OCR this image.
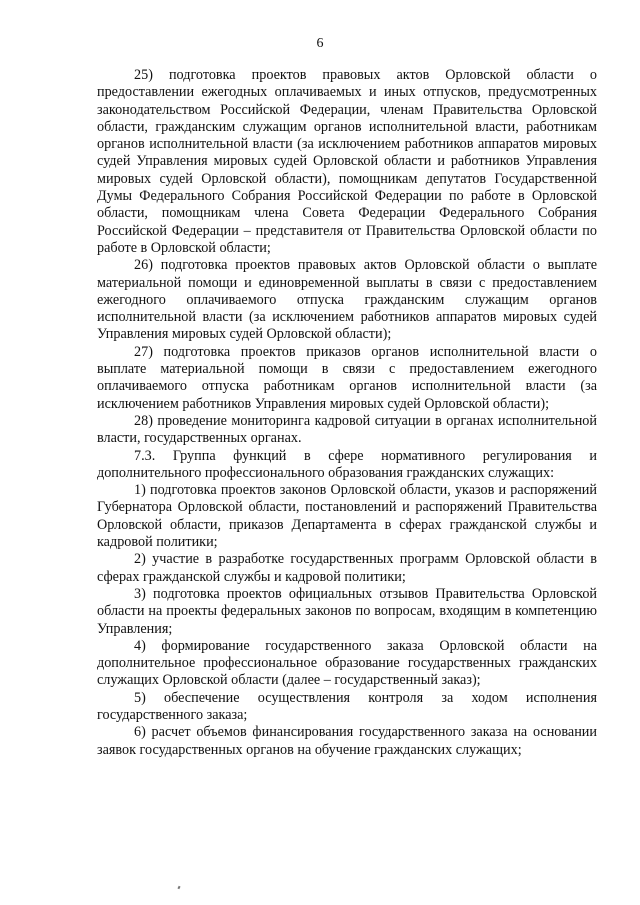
6

25) подготовка проектов правовых актов Орловской области о предоставлении ежегодных оплачиваемых и иных отпусков, предусмотренных законодательством Российской Федерации, членам Правительства Орловской области, гражданским служащим органов исполнительной власти, работникам органов исполнительной власти (за исключением работников аппаратов мировых судей Управления мировых судей Орловской области и работников Управления мировых судей Орловской области), помощникам депутатов Государственной Думы Федерального Собрания Российской Федерации по работе в Орловской области, помощникам члена Совета Федерации Федерального Собрания Российской Федерации – представителя от Правительства Орловской области по работе в Орловской области;

26) подготовка проектов правовых актов Орловской области о выплате материальной помощи и единовременной выплаты в связи с предоставлением ежегодного оплачиваемого отпуска гражданским служащим органов исполнительной власти (за исключением работников аппаратов мировых судей Управления мировых судей Орловской области);

27) подготовка проектов приказов органов исполнительной власти о выплате материальной помощи в связи с предоставлением ежегодного оплачиваемого отпуска работникам органов исполнительной власти (за исключением работников Управления мировых судей Орловской области);

28) проведение мониторинга кадровой ситуации в органах исполнительной власти, государственных органах.

7.3. Группа функций в сфере нормативного регулирования и дополнительного профессионального образования гражданских служащих:

1) подготовка проектов законов Орловской области, указов и распоряжений Губернатора Орловской области, постановлений и распоряжений Правительства Орловской области, приказов Департамента в сферах гражданской службы и кадровой политики;

2) участие в разработке государственных программ Орловской области в сферах гражданской службы и кадровой политики;

3) подготовка проектов официальных отзывов Правительства Орловской области на проекты федеральных законов по вопросам, входящим в компетенцию Управления;

4) формирование государственного заказа Орловской области на дополнительное профессиональное образование государственных гражданских служащих Орловской области (далее – государственный заказ);

5) обеспечение осуществления контроля за ходом исполнения государственного заказа;

6) расчет объемов финансирования государственного заказа на основании заявок государственных органов на обучение гражданских служащих;
